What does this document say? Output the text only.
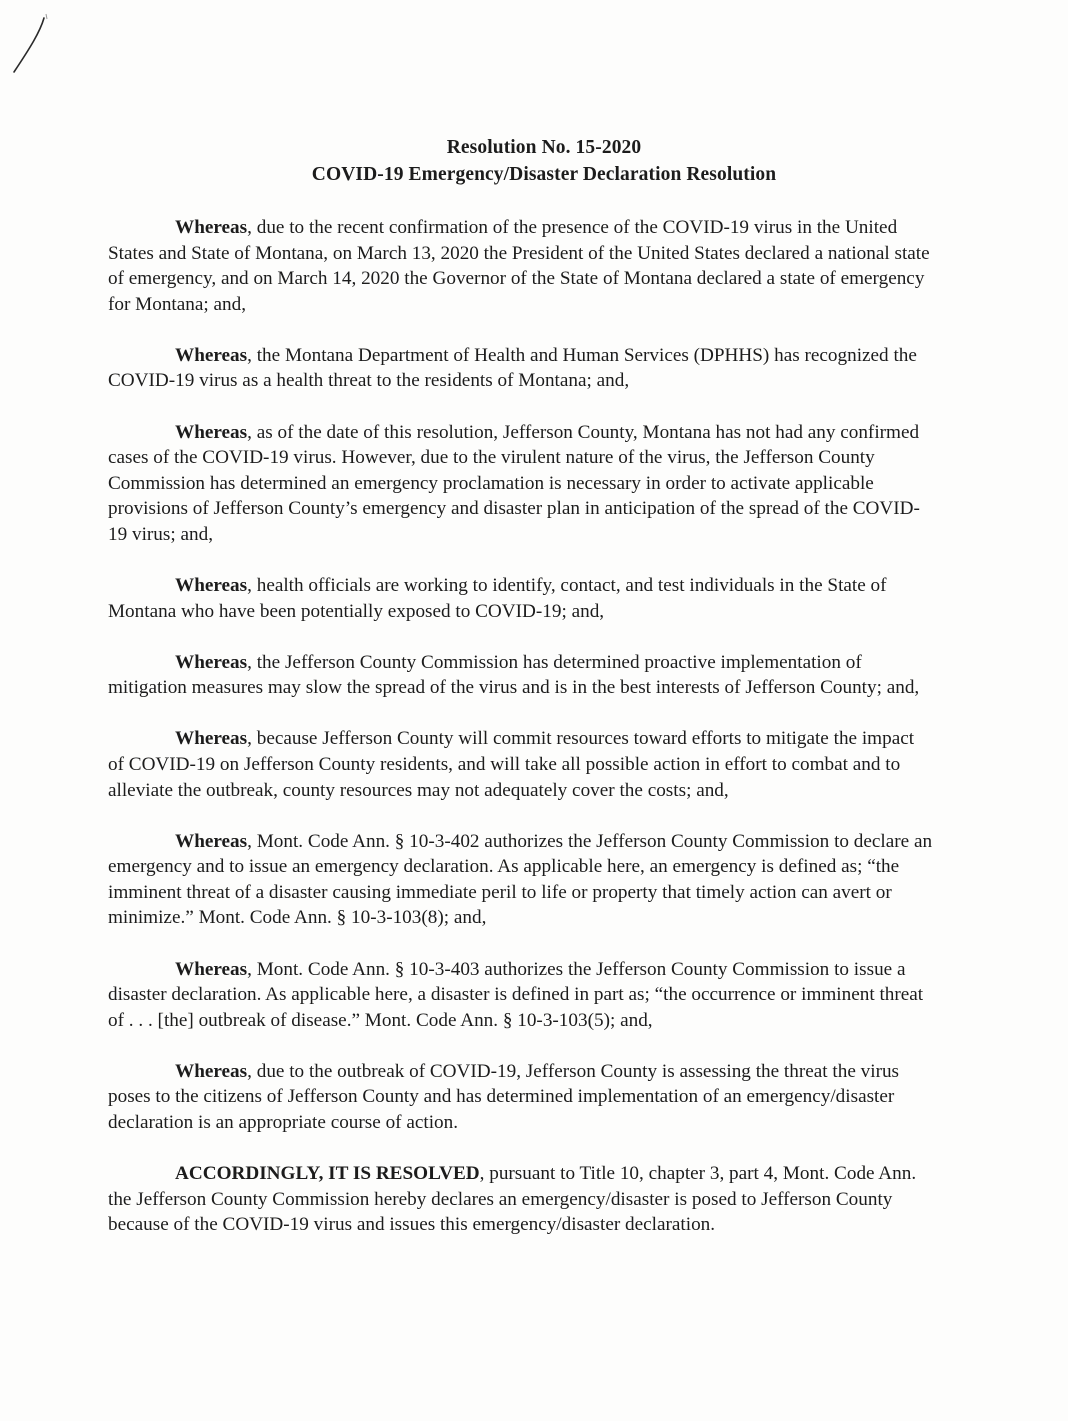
Resolution No. 15-2020
COVID-19 Emergency/Disaster Declaration Resolution

Whereas, due to the recent confirmation of the presence of the COVID-19 virus in the United States and State of Montana, on March 13, 2020 the President of the United States declared a national state of emergency, and on March 14, 2020 the Governor of the State of Montana declared a state of emergency for Montana; and,

Whereas, the Montana Department of Health and Human Services (DPHHS) has recognized the COVID-19 virus as a health threat to the residents of Montana; and,

Whereas, as of the date of this resolution, Jefferson County, Montana has not had any confirmed cases of the COVID-19 virus. However, due to the virulent nature of the virus, the Jefferson County Commission has determined an emergency proclamation is necessary in order to activate applicable provisions of Jefferson County’s emergency and disaster plan in anticipation of the spread of the COVID-19 virus; and,

Whereas, health officials are working to identify, contact, and test individuals in the State of Montana who have been potentially exposed to COVID-19; and,

Whereas, the Jefferson County Commission has determined proactive implementation of mitigation measures may slow the spread of the virus and is in the best interests of Jefferson County; and,

Whereas, because Jefferson County will commit resources toward efforts to mitigate the impact of COVID-19 on Jefferson County residents, and will take all possible action in effort to combat and to alleviate the outbreak, county resources may not adequately cover the costs; and,

Whereas, Mont. Code Ann. § 10-3-402 authorizes the Jefferson County Commission to declare an emergency and to issue an emergency declaration. As applicable here, an emergency is defined as; “the imminent threat of a disaster causing immediate peril to life or property that timely action can avert or minimize.” Mont. Code Ann. § 10-3-103(8); and,

Whereas, Mont. Code Ann. § 10-3-403 authorizes the Jefferson County Commission to issue a disaster declaration. As applicable here, a disaster is defined in part as; “the occurrence or imminent threat of . . . [the] outbreak of disease.” Mont. Code Ann. § 10-3-103(5); and,

Whereas, due to the outbreak of COVID-19, Jefferson County is assessing the threat the virus poses to the citizens of Jefferson County and has determined implementation of an emergency/disaster declaration is an appropriate course of action.

ACCORDINGLY, IT IS RESOLVED, pursuant to Title 10, chapter 3, part 4, Mont. Code Ann. the Jefferson County Commission hereby declares an emergency/disaster is posed to Jefferson County because of the COVID-19 virus and issues this emergency/disaster declaration.
